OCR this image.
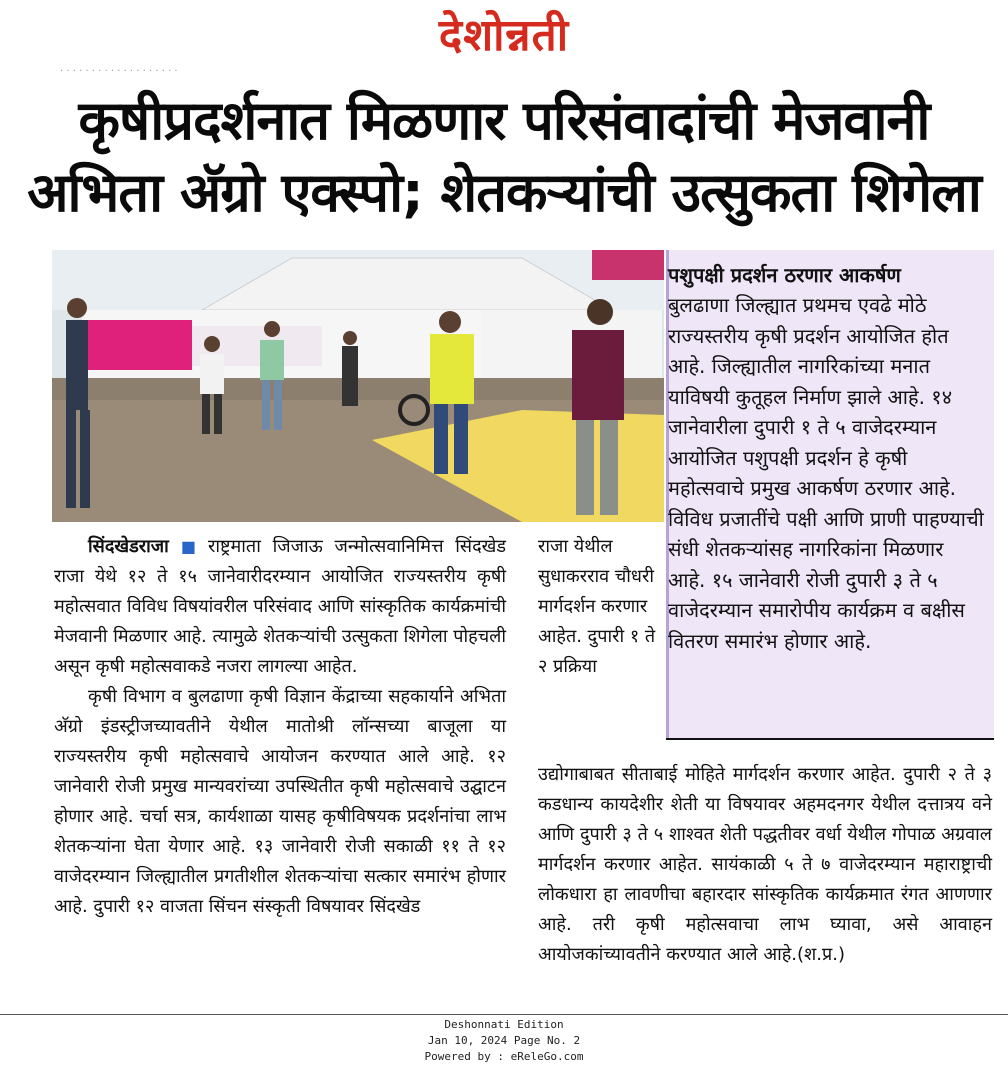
देशोन्नती
· · · · · · · · · · · · · · · · · · ·
कृषीप्रदर्शनात मिळणार परिसंवादांची मेजवानी
अभिता अ‍ॅग्रो एक्स्पो; शेतकऱ्यांची उत्सुकता शिगेला
पशुपक्षी प्रदर्शन ठरणार आकर्षण
बुलढाणा जिल्ह्यात प्रथमच एवढे मोठे राज्यस्तरीय कृषी प्रदर्शन आयोजित होत आहे. जिल्ह्यातील नागरिकांच्या मनात याविषयी कुतूहल निर्माण झाले आहे. १४ जानेवारीला दुपारी १ ते ५ वाजेदरम्यान आयोजित पशुपक्षी प्रदर्शन हे कृषी महोत्सवाचे प्रमुख आकर्षण ठरणार आहे. विविध प्रजातींचे पक्षी आणि प्राणी पाहण्याची संधी शेतकऱ्यांसह नागरिकांना मिळणार आहे. १५ जानेवारी रोजी दुपारी ३ ते ५ वाजेदरम्यान समारोपीय कार्यक्रम व बक्षीस वितरण समारंभ होणार आहे.

सिंदखेडराजा ■ राष्ट्रमाता जिजाऊ जन्मोत्सवानिमित्त सिंदखेड राजा येथे १२ ते १५ जानेवारीदरम्यान आयोजित राज्यस्तरीय कृषी महोत्सवात विविध विषयांवरील परिसंवाद आणि सांस्कृतिक कार्यक्रमांची मेजवानी मिळणार आहे. त्यामुळे शेतकऱ्यांची उत्सुकता शिगेला पोहचली असून कृषी महोत्सवाकडे नजरा लागल्या आहेत.

कृषी विभाग व बुलढाणा कृषी विज्ञान केंद्राच्या सहकार्याने अभिता अ‍ॅग्रो इंडस्ट्रीजच्यावतीने येथील मातोश्री लॉन्सच्या बाजूला या राज्यस्तरीय कृषी महोत्सवाचे आयोजन करण्यात आले आहे. १२ जानेवारी रोजी प्रमुख मान्यवरांच्या उपस्थितीत कृषी महोत्सवाचे उद्घाटन होणार आहे. चर्चा सत्र, कार्यशाळा यासह कृषीविषयक प्रदर्शनांचा लाभ शेतकऱ्यांना घेता येणार आहे. १३ जानेवारी रोजी सकाळी ११ ते १२ वाजेदरम्यान जिल्ह्यातील प्रगतीशील शेतकऱ्यांचा सत्कार समारंभ होणार आहे. दुपारी १२ वाजता सिंचन संस्कृती विषयावर सिंदखेड

राजा येथील सुधाकरराव चौधरी मार्गदर्शन करणार आहेत. दुपारी १ ते २ प्रक्रिया
उद्योगाबाबत सीताबाई मोहिते मार्गदर्शन करणार आहेत. दुपारी २ ते ३ कडधान्य कायदेशीर शेती या विषयावर अहमदनगर येथील दत्तात्रय वने आणि दुपारी ३ ते ५ शाश्वत शेती पद्धतीवर वर्धा येथील गोपाळ अग्रवाल मार्गदर्शन करणार आहेत. सायंकाळी ५ ते ७ वाजेदरम्यान महाराष्ट्राची लोकधारा हा लावणीचा बहारदार सांस्कृतिक कार्यक्रमात रंगत आणणार आहे. तरी कृषी महोत्सवाचा लाभ घ्यावा, असे आवाहन आयोजकांच्यावतीने करण्यात आले आहे.(श.प्र.)
Deshonnati Edition
Jan 10, 2024 Page No. 2
Powered by : eReleGo.com
